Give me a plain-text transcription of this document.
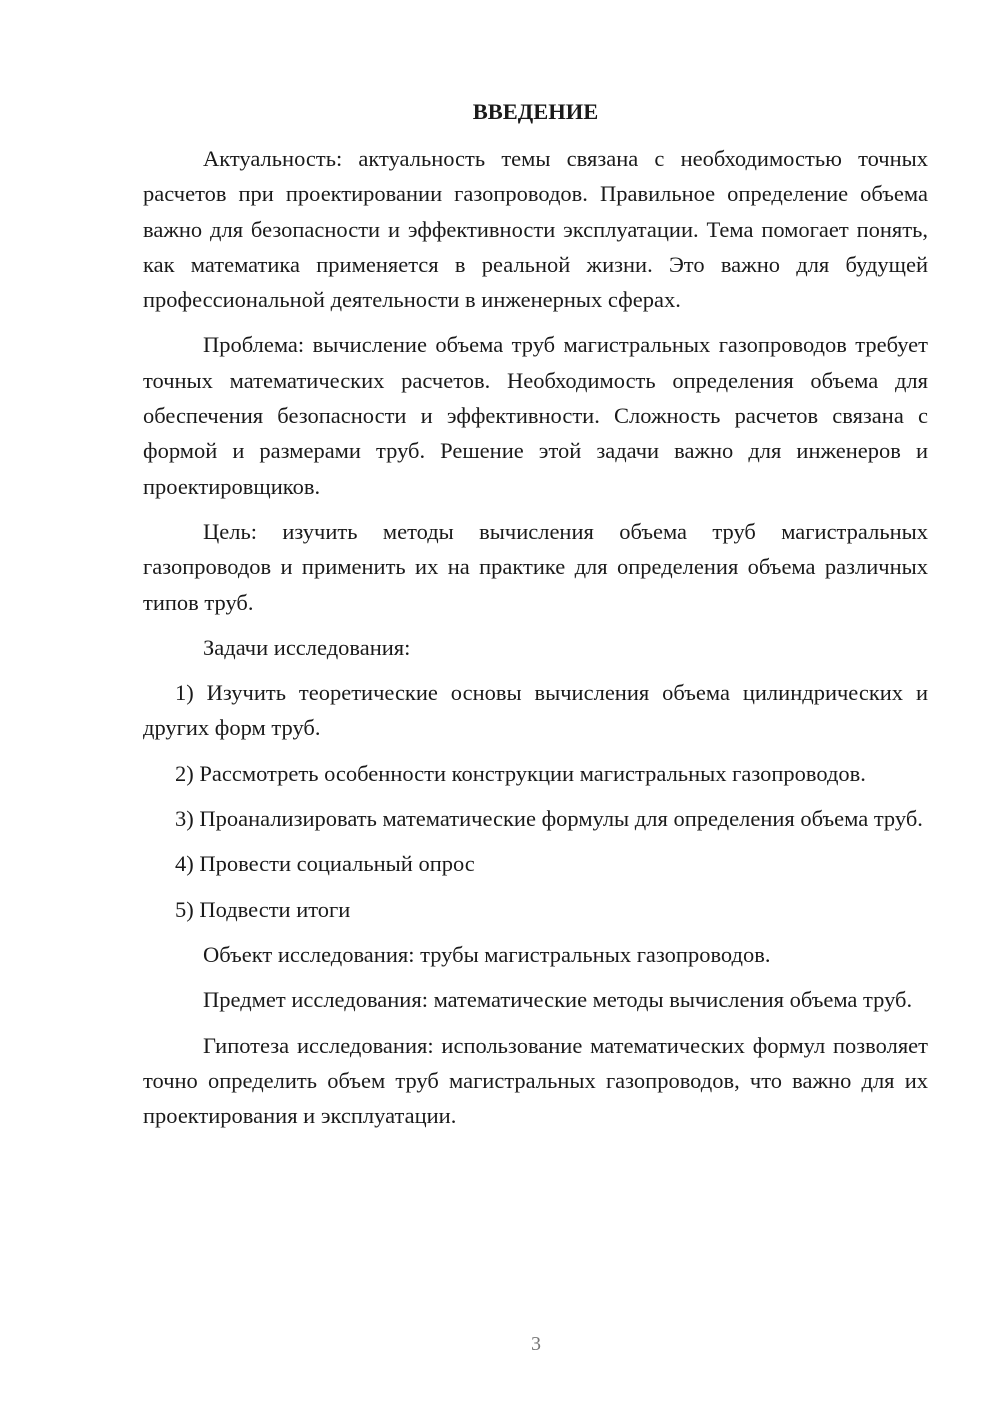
ВВЕДЕНИЕ

Актуальность: актуальность темы связана с необходимостью точных расчетов при проектировании газопроводов. Правильное определение объема важно для безопасности и эффективности эксплуатации. Тема помогает понять, как математика применяется в реальной жизни. Это важно для будущей профессиональной деятельности в инженерных сферах.

Проблема: вычисление объема труб магистральных газопроводов требует точных математических расчетов. Необходимость определения объема для обеспечения безопасности и эффективности. Сложность расчетов связана с формой и размерами труб. Решение этой задачи важно для инженеров и проектировщиков.

Цель: изучить методы вычисления объема труб магистральных газопроводов и применить их на практике для определения объема различных типов труб.

Задачи исследования:

1) Изучить теоретические основы вычисления объема цилиндрических и других форм труб.

2) Рассмотреть особенности конструкции магистральных газопроводов.

3) Проанализировать математические формулы для определения объема труб.

4) Провести социальный опрос

5) Подвести итоги

Объект исследования: трубы магистральных газопроводов.

Предмет исследования: математические методы вычисления объема труб.

Гипотеза исследования: использование математических формул позволяет точно определить объем труб магистральных газопроводов, что важно для их проектирования и эксплуатации.

3
